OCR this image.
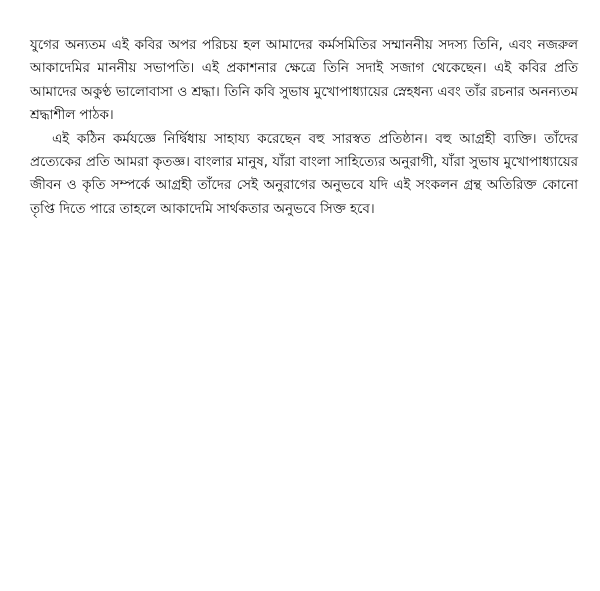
যুগের অন্যতম এই কবির অপর পরিচয় হল আমাদের কর্মসমিতির সম্মাননীয় সদস্য তিনি, এবং নজরুল আকাদেমির মাননীয় সভাপতি। এই প্রকাশনার ক্ষেত্রে তিনি সদাই সজাগ থেকেছেন। এই কবির প্রতি আমাদের অকুণ্ঠ ভালোবাসা ও শ্রদ্ধা। তিনি কবি সুভাষ মুখোপাধ্যায়ের স্নেহধন্য এবং তাঁর রচনার অনন্যতম শ্রদ্ধাশীল পাঠক।

এই কঠিন কর্মযজ্ঞে নির্দ্বিধায় সাহায্য করেছেন বহু সারস্বত প্রতিষ্ঠান। বহু আগ্রহী ব্যক্তি। তাঁদের প্রত্যেকের প্রতি আমরা কৃতজ্ঞ। বাংলার মানুষ, যাঁরা বাংলা সাহিত্যের অনুরাগী, যাঁরা সুভাষ মুখোপাধ্যায়ের জীবন ও কৃতি সম্পর্কে আগ্রহী তাঁদের সেই অনুরাগের অনুভবে যদি এই সংকলন গ্রন্থ অতিরিক্ত কোনো তৃপ্তি দিতে পারে তাহলে আকাদেমি সার্থকতার অনুভবে সিক্ত হবে।
